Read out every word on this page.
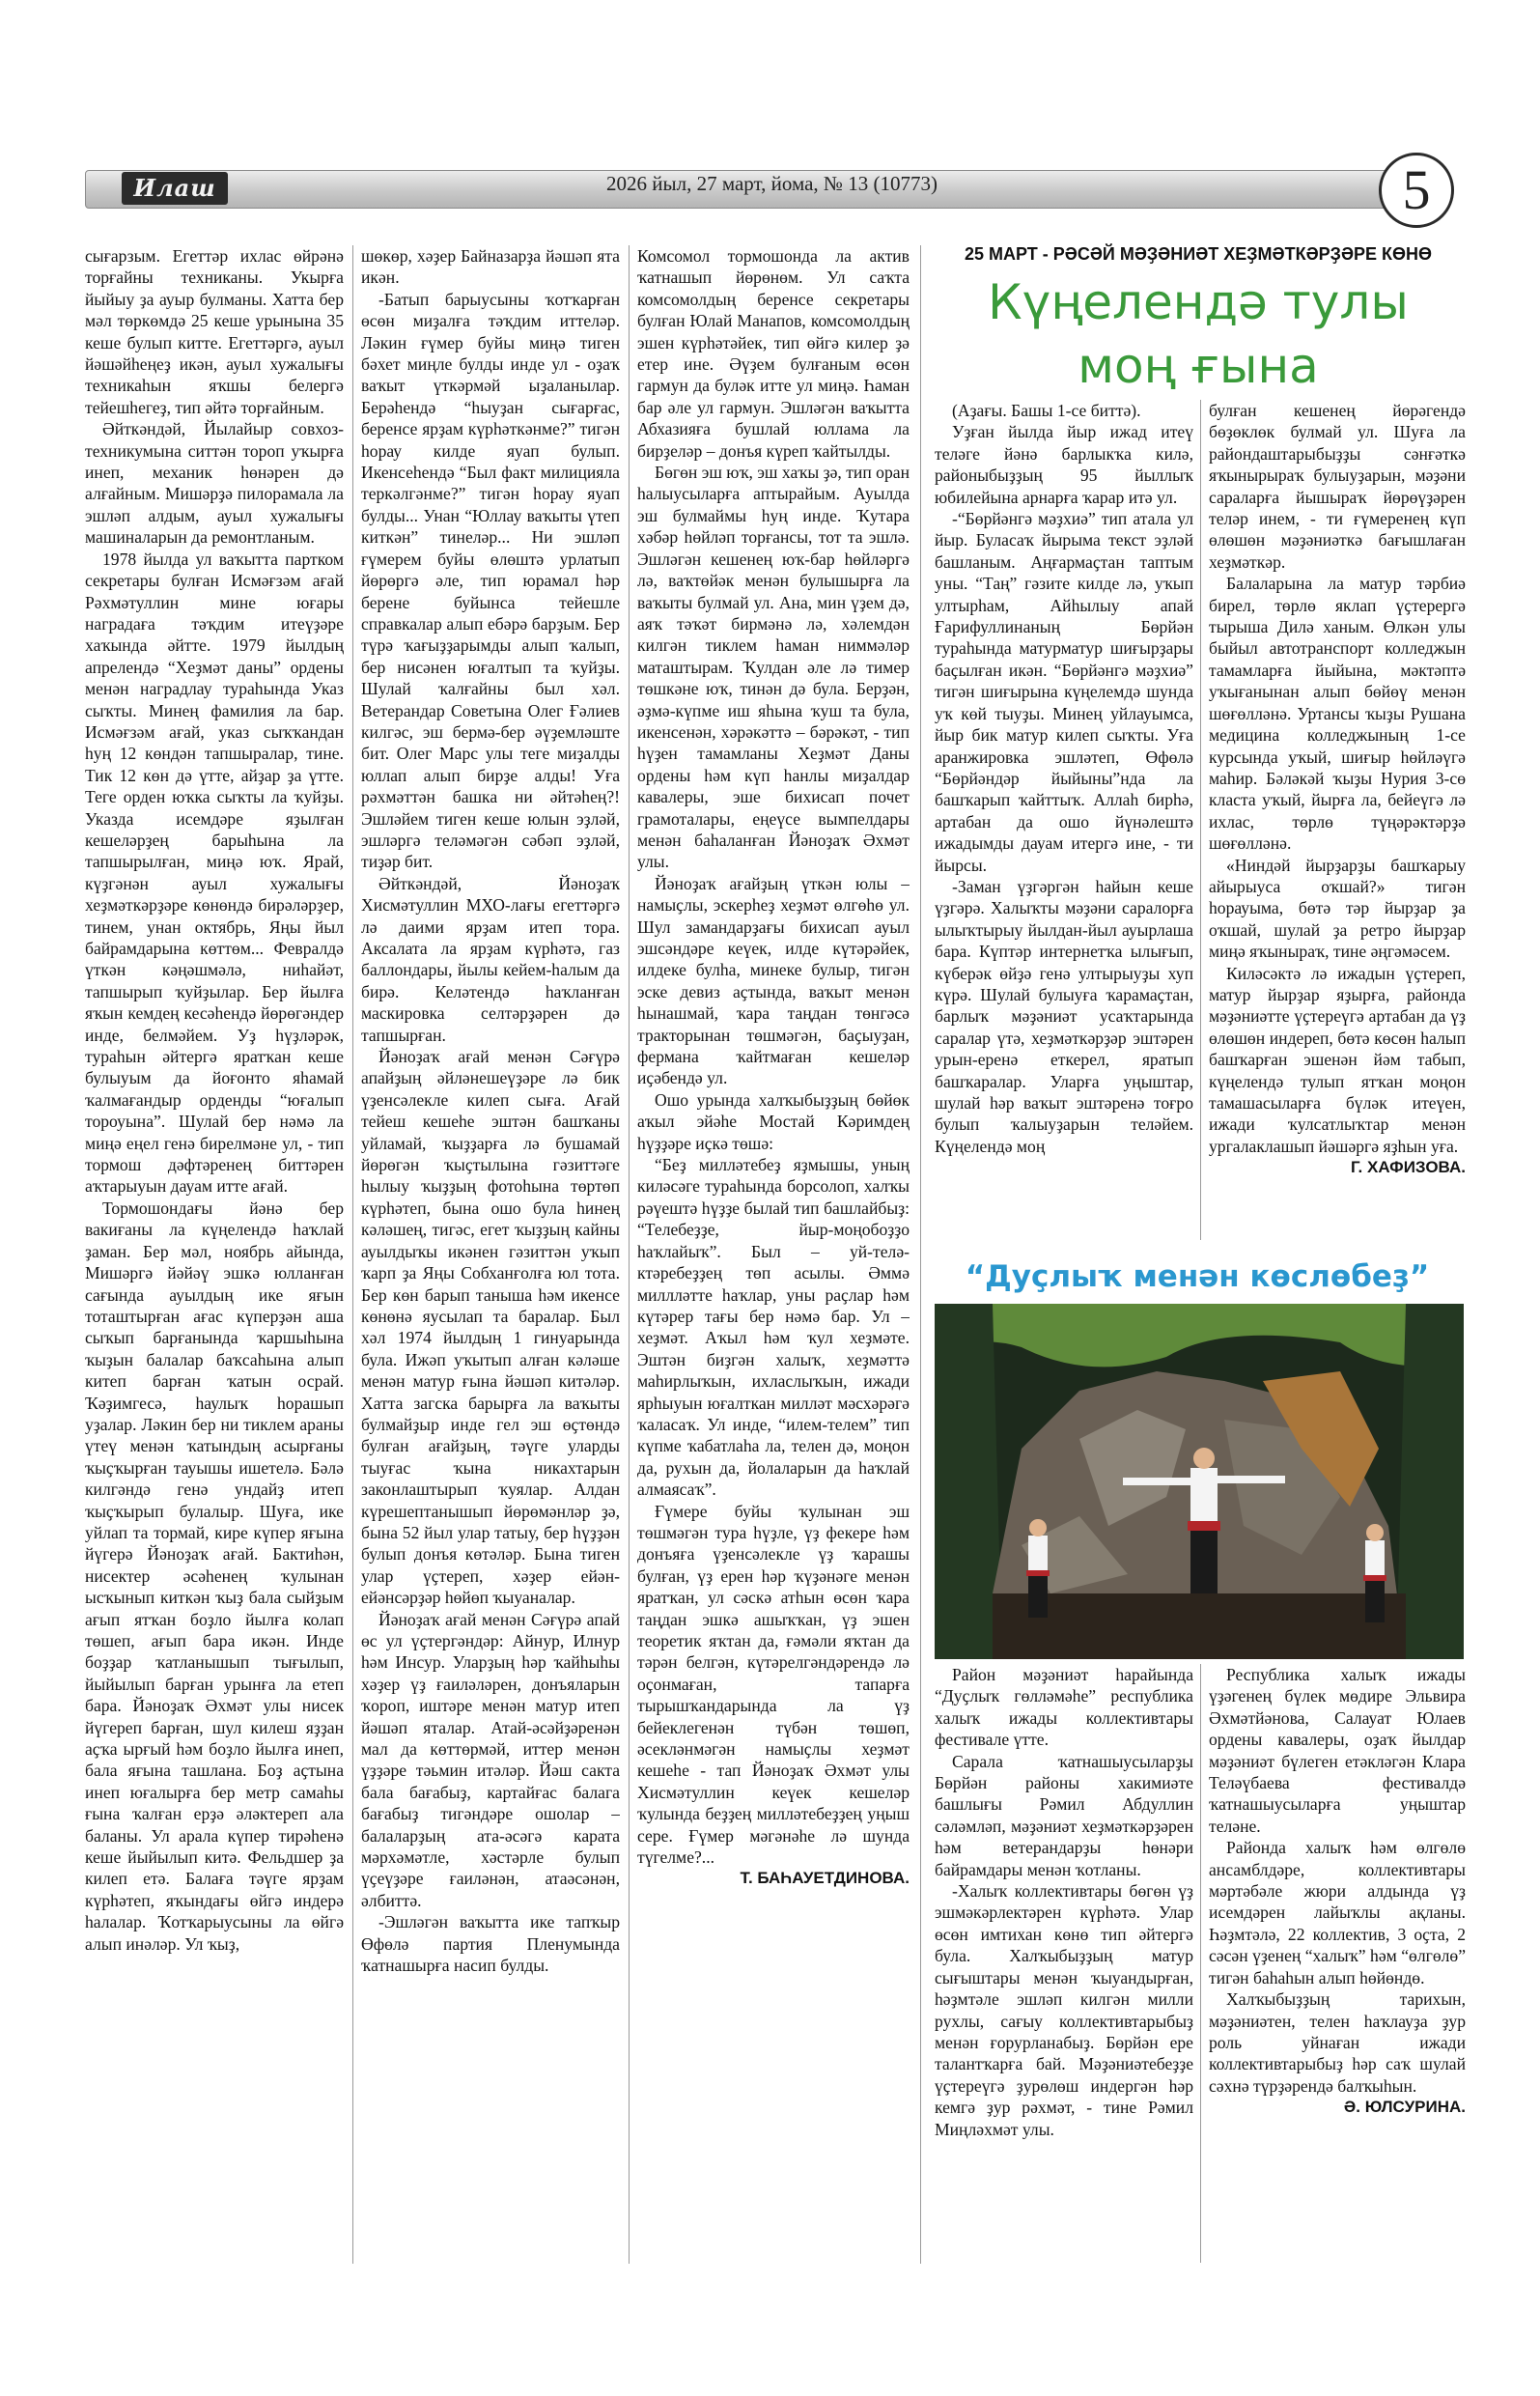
Илаш	2026 йыл, 27 март, йома, № 13 (10773)	5

сығарзым. Егеттәр ихлас өйрәнә торғайны техниканы. Укырға йыйыу ҙа ауыр булманы. Хатта бер мәл төркөмдә 25 кеше урынына 35 кеше булып китте. Егеттәргә, ауыл йәшәйһеңеҙ икән, ауыл хужалығы техникаһын яҡшы белергә тейешһегеҙ, тип әйтә торғайным.

Әйткәндәй, Йылайыр совхоз-техникумына ситтән тороп уҡырға инеп, механик һөнәрен дә алғайным. Мишәрҙә пилорамала ла эшләп алдым, ауыл хужалығы машиналарын да ремонтланым.

1978 йылда ул ваҡытта партком секретары булған Исмәғзәм ағай Рәхмәтуллин мине юғары наградаға тәҡдим итеүҙәре хаҡында әйтте. 1979 йылдың апрелендә “Хеҙмәт даны” ордены менән наградлау тураһында Указ сыҡты. Минең фамилия ла бар. Исмәғзәм ағай, указ сыҡҡандан һуң 12 көндән тапшыралар, тине. Тик 12 көн дә үтте, айҙар ҙа үтте. Теге орден юҡка сыҡты ла ҡуйҙы. Указда исемдәре яҙылған кешеләрҙең барыһына ла тапшырылған, миңә юҡ. Ярай, күҙгәнән ауыл хужалығы хеҙмәткәрҙәре көнөндә бирәләрҙер, тинем, унан октябрь, Яңы йыл байрамдарына көттөм... Февралдә үткән кәңәшмәлә, ниһайәт, тапшырып ҡуйҙылар. Бер йылға яҡын кемдең кесәһендә йөрөгәндер инде, белмәйем. Уҙ һүҙләрәк, тураһын әйтергә яратҡан кеше булыуым да йоғонто яһамай ҡалмағандыр орденды “юғалып тороуына”. Шулай бер нәмә ла миңә еңел генә бирелмәне ул, - тип тормош дәфтәренең биттәрен аҡтарыуын дауам итте ағай.

Тормошондағы йәнә бер вакиғаны ла күңелендә һаҡлай ҙаман. Бер мәл, ноябрь айында, Мишәргә йәйәү эшкә юлланған сағында ауылдың ике яғын тоташтырған ағас күперҙән аша сыҡып барғанында ҡаршыһына ҡыҙын балалар баҡсаһына алып китеп барған ҡатын осрай. Ҡәҙимгесә, һаулыҡ һорашып уҙалар. Ләкин бер ни тиклем араны үтеү менән ҡатындың асырғаны ҡыҫҡырған тауышы ишетелә. Бәлә килгәндә генә ундайҙ итеп ҡыҫҡырып булалыр. Шуға, ике уйлап та тормай, кире күпер яғына йүгерә Йәноҙаҡ ағай. Бактиһән, нисектер әсәһенең ҡулынан ысҡынып киткән ҡыҙ бала сыйҙым ағып ятҡан боҙло йылға колап төшеп, ағып бара икән. Инде боҙҙар ҡатланышып тығылып, йыйылып барған урынға ла етеп бара. Йәноҙаҡ Әхмәт улы нисек йүгереп барған, шул килеш яҙҙан аҫҡа ырғый һәм боҙло йылға инеп, бала яғына ташлана. Боҙ аҫтына инеп юғалырға бер метр самаһы ғына ҡалған ерҙә әләктереп ала баланы. Ул арала күпер тирәһенә кеше йыйылып китә. Фельдшер ҙа килеп етә. Балаға тәүге ярҙам күрһәтеп, яҡындағы өйгә индерә һалалар. Ҡотҡарыусыны ла өйгә алып инәләр. Ул ҡыҙ,

шөкөр, хәҙер Байназарҙа йәшәп ята икән.

-Батып барыусыны ҡотҡарған өсөн миҙалға тәҡдим иттеләр. Ләкин ғүмер буйы миңә тиген бәхет миңле булды инде ул - оҙаҡ ваҡыт үткәрмәй ыҙаланылар. Берәһендә “һыуҙан сығарғас, беренсе ярҙам күрһәткәнме?” тигән һорау килде яуап булып. Икенсеһендә “Был факт милицияла теркәлгәнме?” тигән һорау яуап булды... Унан “Юллау ваҡыты үтеп киткән” тинеләр... Ни эшләп ғүмерем буйы өлөштә урлатып йөрөргә әле, тип юрамал һәр берене буйынса тейешле справкалар алып ебәрә барҙым. Бер түрә ҡағыҙҙарымды алып ҡалып, бер нисәнен юғалтып та ҡуйҙы. Шулай ҡалғайны был хәл. Ветерандар Советына Олег Ғәлиев килгәс, эш бермә-бер әүҙемләште бит. Олег Марс улы теге миҙалды юллап алып бирҙе алды! Уға рәхмәттән башка ни әйтәһең?! Эшләйем тиген кеше юлын эҙләй, эшләргә теләмәгән сәбәп эҙләй, тиҙәр бит.

Әйткәндәй, Йәноҙаҡ Хисмәтуллин МХО-лағы егеттәргә лә даими ярҙам итеп тора. Аксалата ла ярҙам күрһәтә, газ баллондары, йылы кейем-һалым да бирә. Келәтендә һаҡланған маскировка селтәрҙәрен дә тапшырған.

Йәноҙаҡ ағай менән Сәғүрә апайҙың әйләнешеүҙәре лә бик үҙенсәлекле килеп сыға. Ағай тейеш кешеһе эштән башҡаны уйламай, ҡыҙҙарға лә бушамай йөрөгән ҡыҫтылына гәзиттәге һылыу ҡыҙҙың фотоһына төртөп күрһәтеп, бына ошо була һинең кәләшең, тигәс, егет ҡыҙҙың кайны ауылдыҡы икәнен гәзиттән уҡып ҡарп ҙа Яңы Собханғолға юл тота. Бер көн барып таныша һәм икенсе көнөнә яусылап та баралар. Был хәл 1974 йылдың 1 гинуарында була. Ижәп уҡытып алған кәләше менән матур ғына йәшәп китәләр. Хатта загска барырға ла ваҡыты булмайҙыр инде гел эш өҫтөндә булған ағайҙың, тәүге уларды тыуғас ҡына никахтарын законлаштырып ҡуялар. Алдан күрешептанышып йөрөмәнләр ҙә, бына 52 йыл улар татыу, бер һүҙҙән булып донъя көтәләр. Бына тиген улар үҫтереп, хәҙер ейән-ейәнсәрҙәр һөйөп ҡыуаналар.

Йәноҙаҡ ағай менән Сәғүрә апай өс ул үҫтергәндәр: Айнур, Илнур һәм Инсур. Уларҙың һәр ҡайһыһы хәҙер үҙ ғаиләләрен, донъяларын ҡороп, иштәре менән матур итеп йәшәп яталар. Атай-әсәйҙәренән мал да көттөрмәй, иттер менән үҙҙәре тәьмин итәләр. Йәш сакта бала бағабыҙ, картайғас балага бағабыҙ тигәндәре ошолар – балаларҙың ата-әсәгә карата мәрхәмәтле, хәстәрле булып үҫеүҙәре ғаиләнән, атаәсәнән, әлбиттә.

-Эшләгән ваҡытта ике тапҡыр Өфөлә партия Пленумында ҡатнашырға насип булды.

Комсомол тормошонда ла актив ҡатнашып йөрөнөм. Ул саҡта комсомолдың беренсе секретары булған Юлай Манапов, комсомолдың эшен күрһәтәйек, тип өйгә килер ҙә етер ине. Әүҙем булғаным өсөн гармун да буләк итте ул миңә. Һаман бар әле ул гармун. Эшләгән ваҡытта Абхазияға бушлай юллама ла бирҙеләр – донъя күреп ҡайтылды.

Бөгөн эш юҡ, эш хаҡы ҙә, тип оран һалыусыларға аптырайым. Ауылда эш булмаймы һуң инде. Ҡутара хәбәр һөйләп торғансы, тот та эшлә. Эшләгән кешенең юҡ-бар һөйләргә лә, ваҡтөйәк менән булышырға ла ваҡыты булмай ул. Ана, мин үҙем дә, аяҡ тәҡәт бирмәнә лә, хәлемдән килгән тиклем һаман ниммәләр маташтырам. Ҡулдан әле лә тимер төшкәне юҡ, тинән дә була. Берҙән, әҙмә-күпме иш яһына ҡуш та була, икенсенән, хәрәкәттә – бәрәкәт, - тип һүҙен тамамланы Хеҙмәт Даны ордены һәм күп һанлы миҙалдар кавалеры, эше бихисап почет грамоталары, еңеүсе вымпелдары менән баһаланған Йәноҙаҡ Әхмәт улы.

Йәноҙаҡ ағайҙың үткән юлы – намыҫлы, эскерһеҙ хеҙмәт өлгөһө ул. Шул замандарҙағы бихисап ауыл эшсәндәре кеүек, илде күтәрәйек, илдеке булһа, минеке булыр, тигән эске девиз аҫтында, ваҡыт менән һынашмай, ҡара таңдан төнгәсә тракторынан төшмәгән, баҫыуҙан, фермана ҡайтмаған кешеләр иҫәбендә ул.

Ошо урында халҡыбыҙҙың бөйөк аҡыл эйәһе Мостай Кәримдең һүҙҙәре иҫкә төшә:

“Беҙ милләтебеҙ яҙмышы, уның киләсәге тураһында борсолоп, халҡы рәүештә һүҙҙе былай тип башлайбыҙ: “Телебеҙҙе, йыр-моңобоҙҙо һаҡлайыҡ”. Был – уй-теләктәребеҙҙең төп асылы. Әммә миллләтте һаҡлар, уны раҫлар һәм күтәрер тағы бер нәмә бар. Ул – хеҙмәт. Аҡыл һәм ҡул хеҙмәте. Эштән биҙгән халыҡ, хеҙмәттә маһирлыҡын, ихласлыҡын, ижади ярһыуын юғалткан милләт мәсхәрәгә ҡаласаҡ. Ул инде, “илем-телем” тип күпме ҡабатлаһа ла, телен дә, моңон да, рухын да, йолаларын да һаҡлай алмаясаҡ”.

Ғүмере буйы ҡулынан эш төшмәгән тура һүҙле, үҙ фекере һәм донъяға үҙенсәлекле үҙ ҡарашы булған, үҙ ерен һәр ҡүҙәнәге менән яратҡан, ул сәскә атһын өсөн ҡара таңдан эшкә ашыҡҡан, үҙ эшен теоретик яҡтан да, ғәмәли яҡтан да тәрән белгән, күтәрелгәндәрендә лә оҫонмаған, тапарға тырышҡандарында ла үҙ бейеклегенән түбән төшөп, әсекләнмәгән намыҫлы хеҙмәт кешеһе - тап Йәноҙаҡ Әхмәт улы Хисмәтуллин кеүек кешеләр ҡулында беҙҙең милләтебеҙҙең уңыш сере. Ғүмер мәгәнәһе лә шунда түгелме?...

Т. БАҺАУЕТДИНОВА.

25 МАРТ - РӘСӘЙ МӘҘӘНИӘТ ХЕҘМӘТКӘРҘӘРЕ КӨНӨ
Күңелендә тулы моң ғына

(Аҙағы. Башы 1-се биттә).

Уҙған йылда йыр ижад итеү теләге йәнә барлыкҡа килә, районыбыҙҙың 95 йыллыҡ юбилейына арнарға ҡарар итә ул.

-“Бөрйәнгә мәҙхиә” тип атала ул йыр. Буласаҡ йырыма текст эҙләй башланым. Аңғармаҫтан таптым уны. “Таң” гәзите килде лә, уҡып ултырһам, Айһылыу апай Ғарифуллинаның Бөрйән тураһында матурматур шиғырҙары баҫылған икән. “Бөрйәнгә мәҙхиә” тигән шиғырына күңелемдә шунда уҡ көй тыуҙы. Минең уйлауымса, йыр бик матур килеп сыҡты. Уға аранжировка эшләтеп, Өфөлә “Бөрйәндәр йыйыны”нда ла башҡарып ҡайттыҡ. Аллаһ бирһә, артабан да ошо йүнәлештә ижадымды дауам итергә ине, - ти йырсы.

-Заман үҙгәргән һайын кеше үҙгәрә. Халыҡты мәҙәни саралорға ылыҡтырыу йылдан-йыл ауырлаша бара. Күптәр интернетҡа ылығып, күберәк өйҙә генә ултырыуҙы хуп күрә. Шулай булыуға ҡарамаҫтан, барлыҡ мәҙәниәт усаҡтарында саралар үтә, хеҙмәткәрҙәр эштәрен урын-еренә еткерел, яратып башҡаралар. Уларға уңыштар, шулай һәр ваҡыт эштәренә тоғро булып ҡалыуҙарын теләйем. Күңелендә моң

булған кешенең йөрәгендә бөҙөклөк булмай ул. Шуға ла райондаштарыбыҙҙы сәнғәткә яҡынырыраҡ булыуҙарын, мәҙәни сараларға йышыраҡ йөрөүҙәрен теләр инем, - ти ғүмеренең күп өлөшөн мәҙәниәткә бағышлаған хеҙмәткәр.

Балаларына ла матур тәрбиә бирел, төрлө яклап үҫтерергә тырыша Дилә ханым. Өлкән улы быйыл автотранспорт колледжын тамамларға йыйына, мәктәптә уҡығанынан алып бөйөү менән шөғөлләнә. Уртансы ҡыҙы Рушана медицина колледжының 1-се курсында уҡый, шиғыр һөйләүгә маһир. Бәләкәй ҡыҙы Нурия 3-сө класта уҡый, йырға ла, бейеүгә лә ихлас, төрлө түңәрәктәрҙә шөғөлләнә.

«Ниндәй йырҙарҙы башҡарыу айырыуса оҡшай?» тигән һорауыма, бөтә тәр йырҙар ҙа оҡшай, шулай ҙа ретро йырҙар миңә яҡыныраҡ, тине әңгәмәсем.

Киләсәктә лә ижадын үҫтереп, матур йырҙар яҙырға, районда мәҙәниәтте үҫтереүгә артабан да үҙ өлөшөн индереп, бөтә көсөн һалып башҡарған эшенән йәм табып, күңелендә тулып ятҡан моңон тамашасыларға бүләк итеүен, ижади ҡулсатлыҡтар менән ургалаклашып йәшәргә яҙһын уға.

Г. ХАФИЗОВА.

“Дуҫлыҡ менән көслөбеҙ”

Район мәҙәниәт һарайында “Дуҫлыҡ гөлләмәһе” республика халыҡ ижады коллективтары фестивале үтте.

Сарала ҡатнашыусыларҙы Бөрйән районы хакимиәте башлығы Рәмил Абдуллин сәләмләп, мәҙәниәт хеҙмәткәрҙәрен һәм ветерандарҙы һөнәри байрамдары менән ҡотланы.

-Халыҡ коллективтары бөгөн үҙ эшмәкәрлектәрен күрһәтә. Улар өсөн имтихан көнө тип әйтергә була. Халҡыбыҙҙың матур сығыштары менән ҡыуандырған, һәҙмтәле эшләп килгән милли рухлы, сағыу коллективтарыбыҙ менән ғорурланабыҙ. Бөрйән ере талантҡарға бай. Мәҙәниәтебеҙҙе үҫтереүгә ҙурөлөш индергән һәр кемгә ҙур рәхмәт, - тине Рәмил Миңләхмәт улы.

Республика халыҡ ижады үҙәгенең бүлек мөдире Эльвира Әхмәтйәнова, Салауат Юлаев ордены кавалеры, оҙаҡ йылдар мәҙәниәт бүлеген етәкләгән Клара Теләүбаева фестивалдә ҡатнашыусыларға уңыштар теләне.

Районда халыҡ һәм өлгөлө ансамблдәре, коллективтары мәртәбәле жюри алдында үҙ исемдәрен лайыҡлы ақланы. Һәҙмтәлә, 22 коллектив, 3 оҫта, 2 сәсән үҙенең “халыҡ” һәм “өлгөлө” тигән баһаһын алып һөйөндө.

Халҡыбыҙҙың тарихын, мәҙәниәтен, телен һаҡлауҙа ҙур роль уйнаған ижади коллективтарыбыҙ һәр саҡ шулай сәхнә түрҙәрендә балҡыһын.

Ә. ЮЛСУРИНА.
